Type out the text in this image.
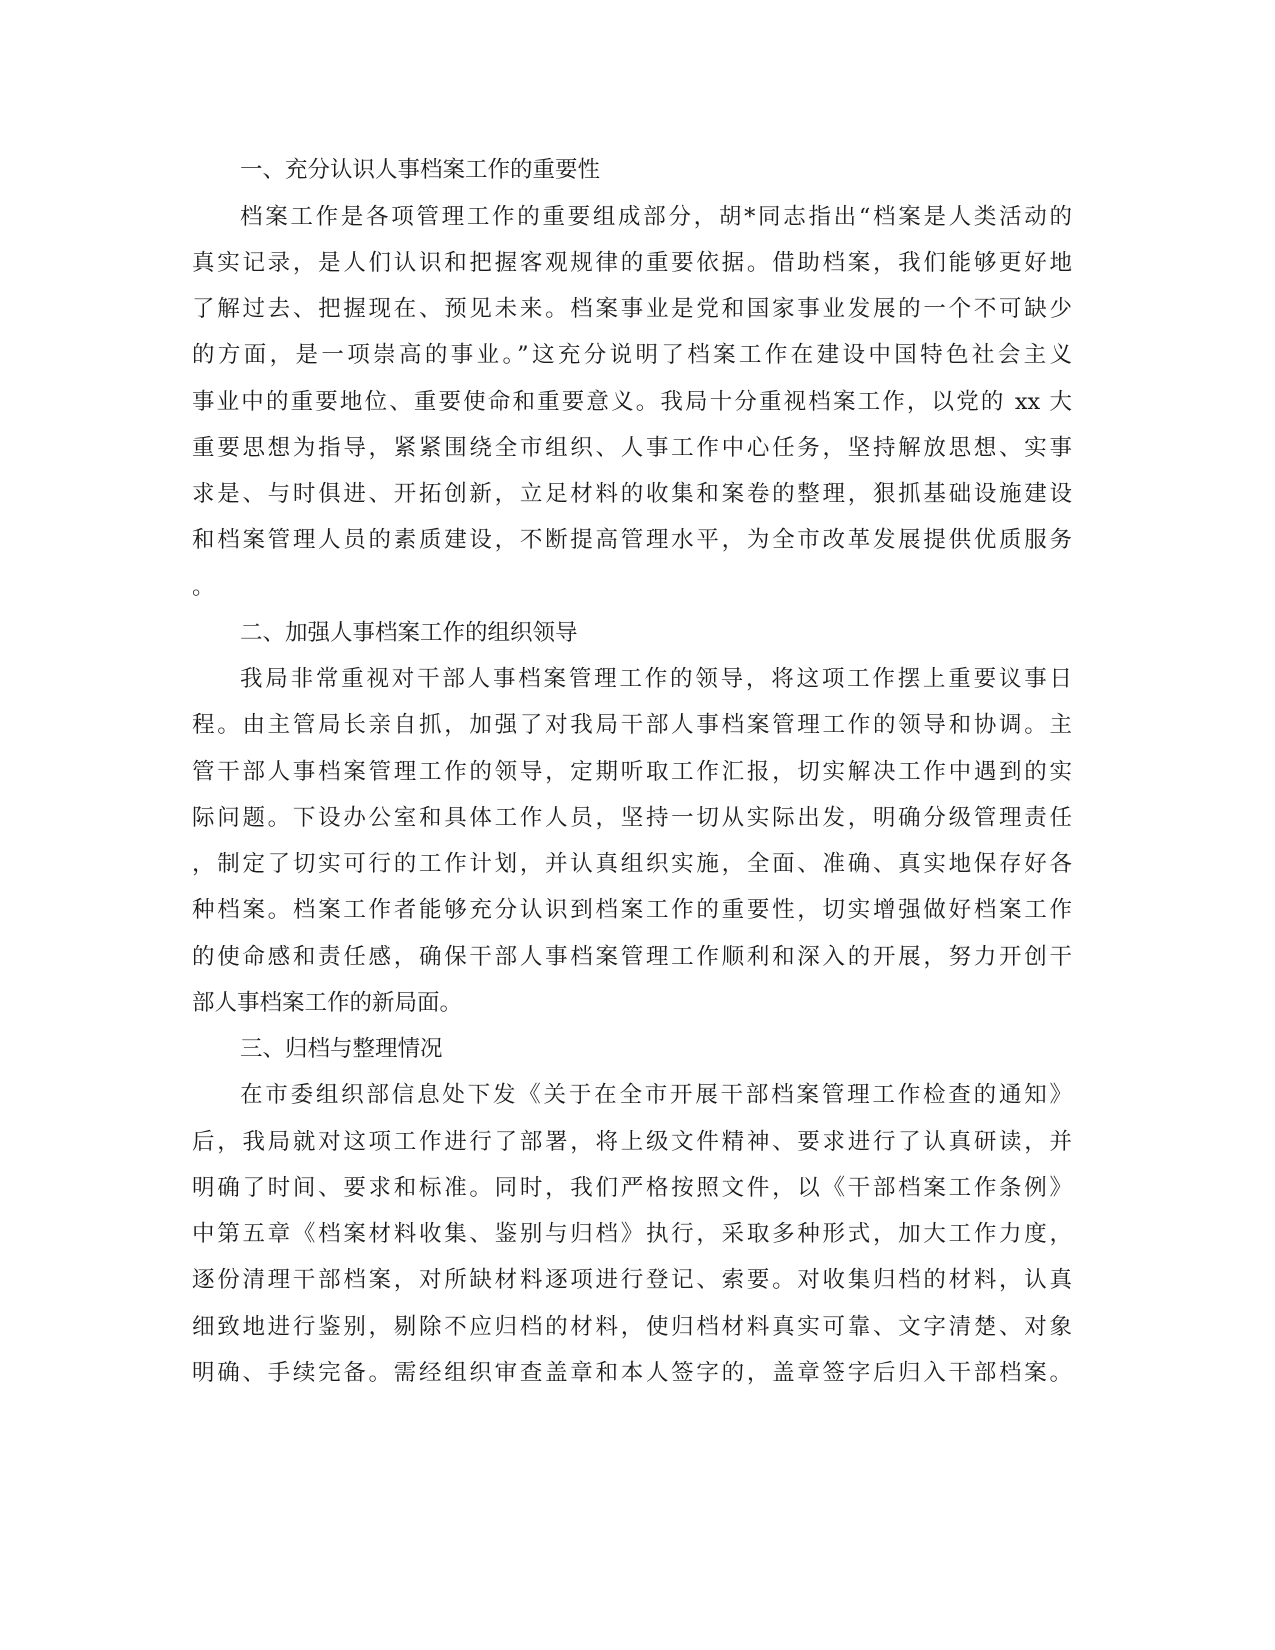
一、充分认识人事档案工作的重要性
档案工作是各项管理工作的重要组成部分，胡*同志指出“档案是人类活动的
真实记录，是人们认识和把握客观规律的重要依据。借助档案，我们能够更好地
了解过去、把握现在、预见未来。档案事业是党和国家事业发展的一个不可缺少
的方面，是一项崇高的事业。”这充分说明了档案工作在建设中国特色社会主义
事业中的重要地位、重要使命和重要意义。我局十分重视档案工作，以党的 xx 大
重要思想为指导，紧紧围绕全市组织、人事工作中心任务，坚持解放思想、实事
求是、与时俱进、开拓创新，立足材料的收集和案卷的整理，狠抓基础设施建设
和档案管理人员的素质建设，不断提高管理水平，为全市改革发展提供优质服务
。
二、加强人事档案工作的组织领导
我局非常重视对干部人事档案管理工作的领导，将这项工作摆上重要议事日
程。由主管局长亲自抓，加强了对我局干部人事档案管理工作的领导和协调。主
管干部人事档案管理工作的领导，定期听取工作汇报，切实解决工作中遇到的实
际问题。下设办公室和具体工作人员，坚持一切从实际出发，明确分级管理责任
，制定了切实可行的工作计划，并认真组织实施，全面、准确、真实地保存好各
种档案。档案工作者能够充分认识到档案工作的重要性，切实增强做好档案工作
的使命感和责任感，确保干部人事档案管理工作顺利和深入的开展，努力开创干
部人事档案工作的新局面。
三、归档与整理情况
在市委组织部信息处下发《关于在全市开展干部档案管理工作检查的通知》
后，我局就对这项工作进行了部署，将上级文件精神、要求进行了认真研读，并
明确了时间、要求和标准。同时，我们严格按照文件，以《干部档案工作条例》
中第五章《档案材料收集、鉴别与归档》执行，采取多种形式，加大工作力度，
逐份清理干部档案，对所缺材料逐项进行登记、索要。对收集归档的材料，认真
细致地进行鉴别，剔除不应归档的材料，使归档材料真实可靠、文字清楚、对象
明确、手续完备。需经组织审查盖章和本人签字的，盖章签字后归入干部档案。
